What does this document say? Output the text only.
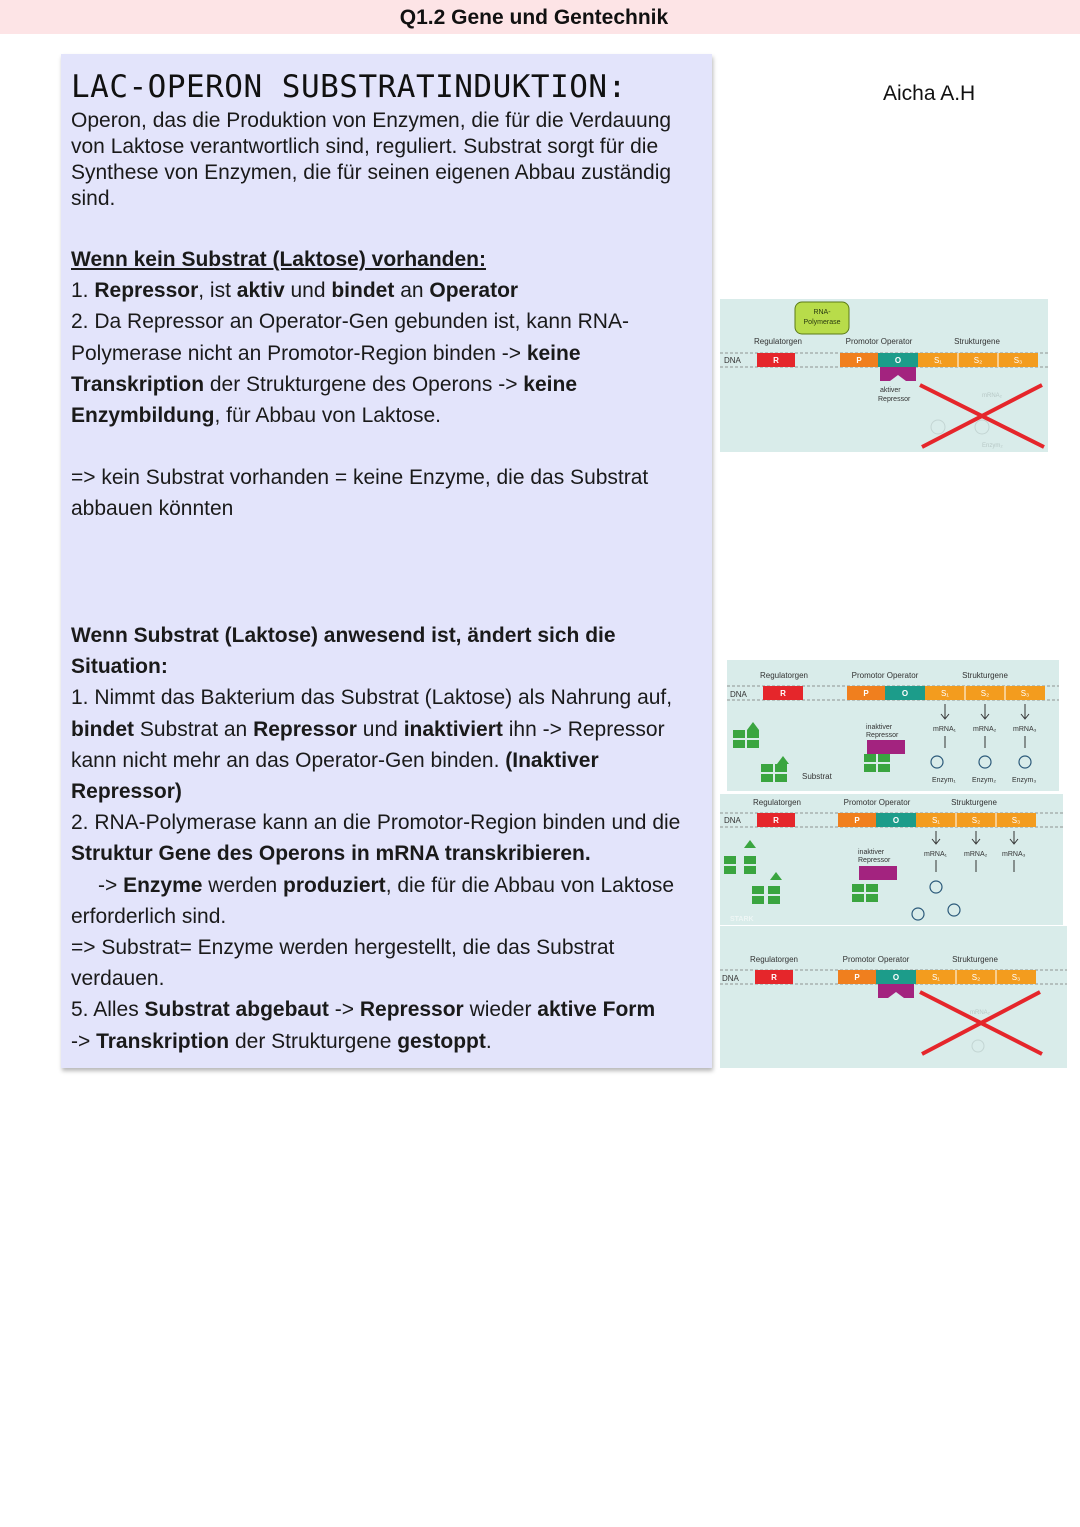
Q1.2 Gene und Gentechnik
Aicha A.H
LAC-OPERON SUBSTRATINDUKTION:
Operon, das die Produktion von Enzymen, die für die Verdauung von Laktose verantwortlich sind, reguliert. Substrat sorgt für die Synthese von Enzymen, die für seinen eigenen Abbau zuständig sind.
Wenn kein Substrat (Laktose) vorhanden:
1. Repressor, ist aktiv und bindet an Operator
2. Da Repressor an Operator-Gen gebunden ist, kann RNA-Polymerase nicht an Promotor-Region binden -> keine Transkription der Strukturgene des Operons -> keine Enzymbildung, für Abbau von Laktose.
=> kein Substrat vorhanden = keine Enzyme, die das Substrat abbauen könnten
Wenn Substrat (Laktose) anwesend ist, ändert sich die Situation:
1. Nimmt das Bakterium das Substrat (Laktose) als Nahrung auf, bindet Substrat an Repressor und inaktiviert ihn -> Repressor kann nicht mehr an das Operator-Gen binden. (Inaktiver Repressor)
2. RNA-Polymerase kann an die Promotor-Region binden und die Struktur Gene des Operons in mRNA transkribieren.
-> Enzyme werden produziert, die für die Abbau von Laktose erforderlich sind.
=> Substrat= Enzyme werden hergestellt, die das Substrat verdauen.
5. Alles Substrat abgebaut -> Repressor wieder aktive Form
-> Transkription der Strukturgene gestoppt.
RNA-
Polymerase
Regulatorgen	Promotor Operator	Strukturgene
DNA	R	P	O	S₁	S₂	S₃
aktiver
Repressor	mRNA₂
Enzym₂
Regulatorgen	Promotor Operator	Strukturgene
DNA	R	P	O	S₁	S₂	S₃
mRNA₁ mRNA₂ mRNA₃
Enzym₁ Enzym₂ Enzym₃
inaktiver
Repressor
Substrat
Regulatorgen	Promotor Operator	Strukturgene
DNA	R	P	O	S₁	S₂	S₃
mRNA₁ mRNA₂ mRNA₃
inaktiver
Repressor
STARK
Regulatorgen	Promotor Operator	Strukturgene
DNA	R	P	O	S₁	S₂	S₃
mRNA₂
